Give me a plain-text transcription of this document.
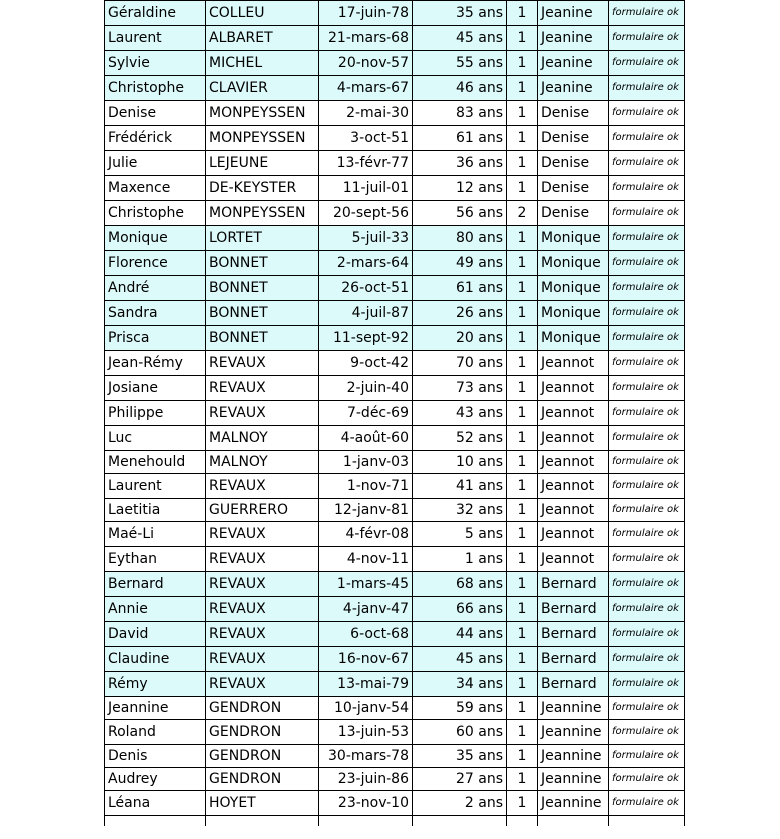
Géraldine	COLLEU	17-juin-78	35 ans	1	Jeanine	formulaire ok
Laurent	ALBARET	21-mars-68	45 ans	1	Jeanine	formulaire ok
Sylvie	MICHEL	20-nov-57	55 ans	1	Jeanine	formulaire ok
Christophe	CLAVIER	4-mars-67	46 ans	1	Jeanine	formulaire ok
Denise	MONPEYSSEN	2-mai-30	83 ans	1	Denise	formulaire ok
Frédérick	MONPEYSSEN	3-oct-51	61 ans	1	Denise	formulaire ok
Julie	LEJEUNE	13-févr-77	36 ans	1	Denise	formulaire ok
Maxence	DE-KEYSTER	11-juil-01	12 ans	1	Denise	formulaire ok
Christophe	MONPEYSSEN	20-sept-56	56 ans	2	Denise	formulaire ok
Monique	LORTET	5-juil-33	80 ans	1	Monique	formulaire ok
Florence	BONNET	2-mars-64	49 ans	1	Monique	formulaire ok
André	BONNET	26-oct-51	61 ans	1	Monique	formulaire ok
Sandra	BONNET	4-juil-87	26 ans	1	Monique	formulaire ok
Prisca	BONNET	11-sept-92	20 ans	1	Monique	formulaire ok
Jean-Rémy	REVAUX	9-oct-42	70 ans	1	Jeannot	formulaire ok
Josiane	REVAUX	2-juin-40	73 ans	1	Jeannot	formulaire ok
Philippe	REVAUX	7-déc-69	43 ans	1	Jeannot	formulaire ok
Luc	MALNOY	4-août-60	52 ans	1	Jeannot	formulaire ok
Menehould	MALNOY	1-janv-03	10 ans	1	Jeannot	formulaire ok
Laurent	REVAUX	1-nov-71	41 ans	1	Jeannot	formulaire ok
Laetitia	GUERRERO	12-janv-81	32 ans	1	Jeannot	formulaire ok
Maé-Li	REVAUX	4-févr-08	5 ans	1	Jeannot	formulaire ok
Eythan	REVAUX	4-nov-11	1 ans	1	Jeannot	formulaire ok
Bernard	REVAUX	1-mars-45	68 ans	1	Bernard	formulaire ok
Annie	REVAUX	4-janv-47	66 ans	1	Bernard	formulaire ok
David	REVAUX	6-oct-68	44 ans	1	Bernard	formulaire ok
Claudine	REVAUX	16-nov-67	45 ans	1	Bernard	formulaire ok
Rémy	REVAUX	13-mai-79	34 ans	1	Bernard	formulaire ok
Jeannine	GENDRON	10-janv-54	59 ans	1	Jeannine	formulaire ok
Roland	GENDRON	13-juin-53	60 ans	1	Jeannine	formulaire ok
Denis	GENDRON	30-mars-78	35 ans	1	Jeannine	formulaire ok
Audrey	GENDRON	23-juin-86	27 ans	1	Jeannine	formulaire ok
Léana	HOYET	23-nov-10	2 ans	1	Jeannine	formulaire ok
